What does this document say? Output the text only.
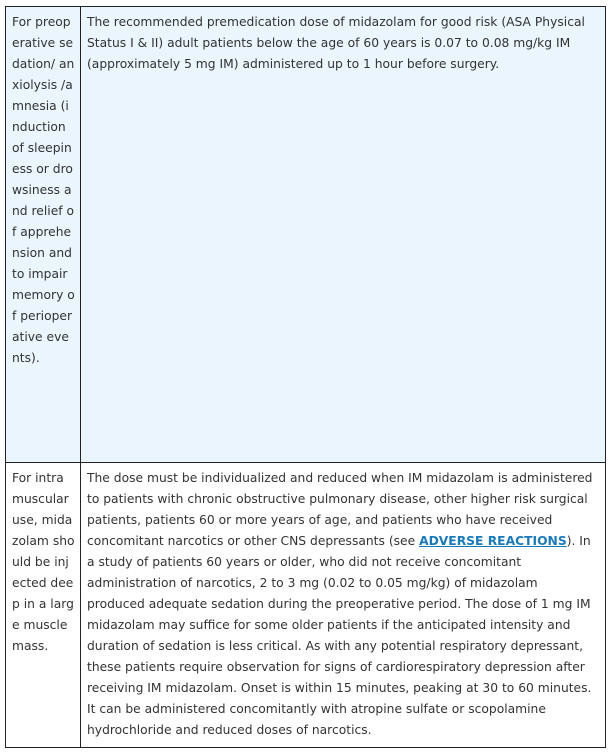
For preoperative sedation/ anxiolysis /amnesia (induction of sleepiness or drowsiness and relief of apprehension and to impair memory of perioperative events).	The recommended premedication dose of midazolam for good risk (ASA Physical Status I & II) adult patients below the age of 60 years is 0.07 to 0.08 mg/kg IM (approximately 5 mg IM) administered up to 1 hour before surgery.
For intramuscular use, midazolam should be injected deep in a large muscle mass.	The dose must be individualized and reduced when IM midazolam is administered to patients with chronic obstructive pulmonary disease, other higher risk surgical patients, patients 60 or more years of age, and patients who have received concomitant narcotics or other CNS depressants (see ADVERSE REACTIONS). In a study of patients 60 years or older, who did not receive concomitant administration of narcotics, 2 to 3 mg (0.02 to 0.05 mg/kg) of midazolam produced adequate sedation during the preoperative period. The dose of 1 mg IM midazolam may suffice for some older patients if the anticipated intensity and duration of sedation is less critical. As with any potential respiratory depressant, these patients require observation for signs of cardiorespiratory depression after receiving IM midazolam. Onset is within 15 minutes, peaking at 30 to 60 minutes. It can be administered concomitantly with atropine sulfate or scopolamine hydrochloride and reduced doses of narcotics.
